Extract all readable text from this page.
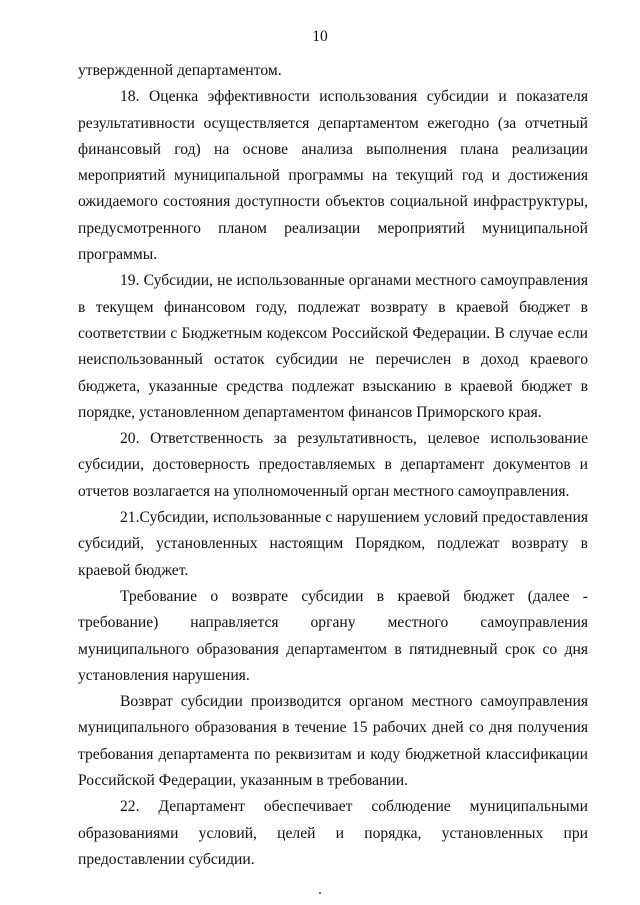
10

утвержденной департаментом.

18. Оценка эффективности использования субсидии и показателя результативности осуществляется департаментом ежегодно (за отчетный финансовый год) на основе анализа выполнения плана реализации мероприятий муниципальной программы на текущий год и достижения ожидаемого состояния доступности объектов социальной инфраструктуры, предусмотренного планом реализации мероприятий муниципальной программы.

19. Субсидии, не использованные органами местного самоуправления в текущем финансовом году, подлежат возврату в краевой бюджет в соответствии с Бюджетным кодексом Российской Федерации. В случае если неиспользованный остаток субсидии не перечислен в доход краевого бюджета, указанные средства подлежат взысканию в краевой бюджет в порядке, установленном департаментом финансов Приморского края.

20. Ответственность за результативность, целевое использование субсидии, достоверность предоставляемых в департамент документов и отчетов возлагается на уполномоченный орган местного самоуправления.

21.Субсидии, использованные с нарушением условий предоставления субсидий, установленных настоящим Порядком, подлежат возврату в краевой бюджет.

Требование о возврате субсидии в краевой бюджет (далее - требование) направляется органу местного самоуправления муниципального образования департаментом в пятидневный срок со дня установления нарушения.

Возврат субсидии производится органом местного самоуправления муниципального образования в течение 15 рабочих дней со дня получения требования департамента по реквизитам и коду бюджетной классификации Российской Федерации, указанным в требовании.

22. Департамент обеспечивает соблюдение муниципальными образованиями условий, целей и порядка, установленных при предоставлении субсидии.
